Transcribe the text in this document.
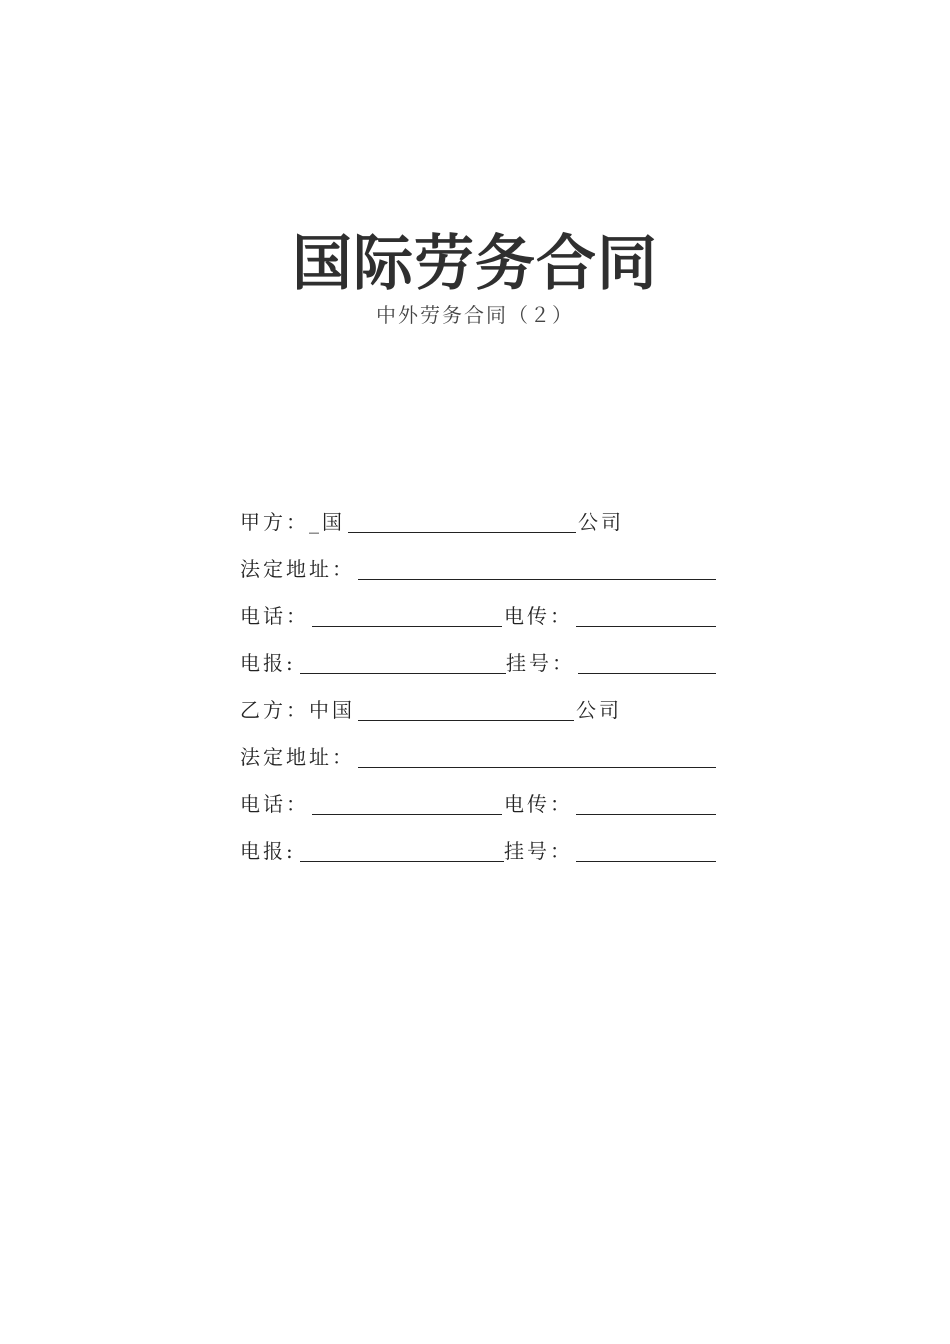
国际劳务合同
中外劳务合同（２）
甲方：_国	公司
法定地址：
电话：	电传：
电报:	挂号：
乙方：中国	公司
法定地址：
电话：	电传：
电报:	挂号：
